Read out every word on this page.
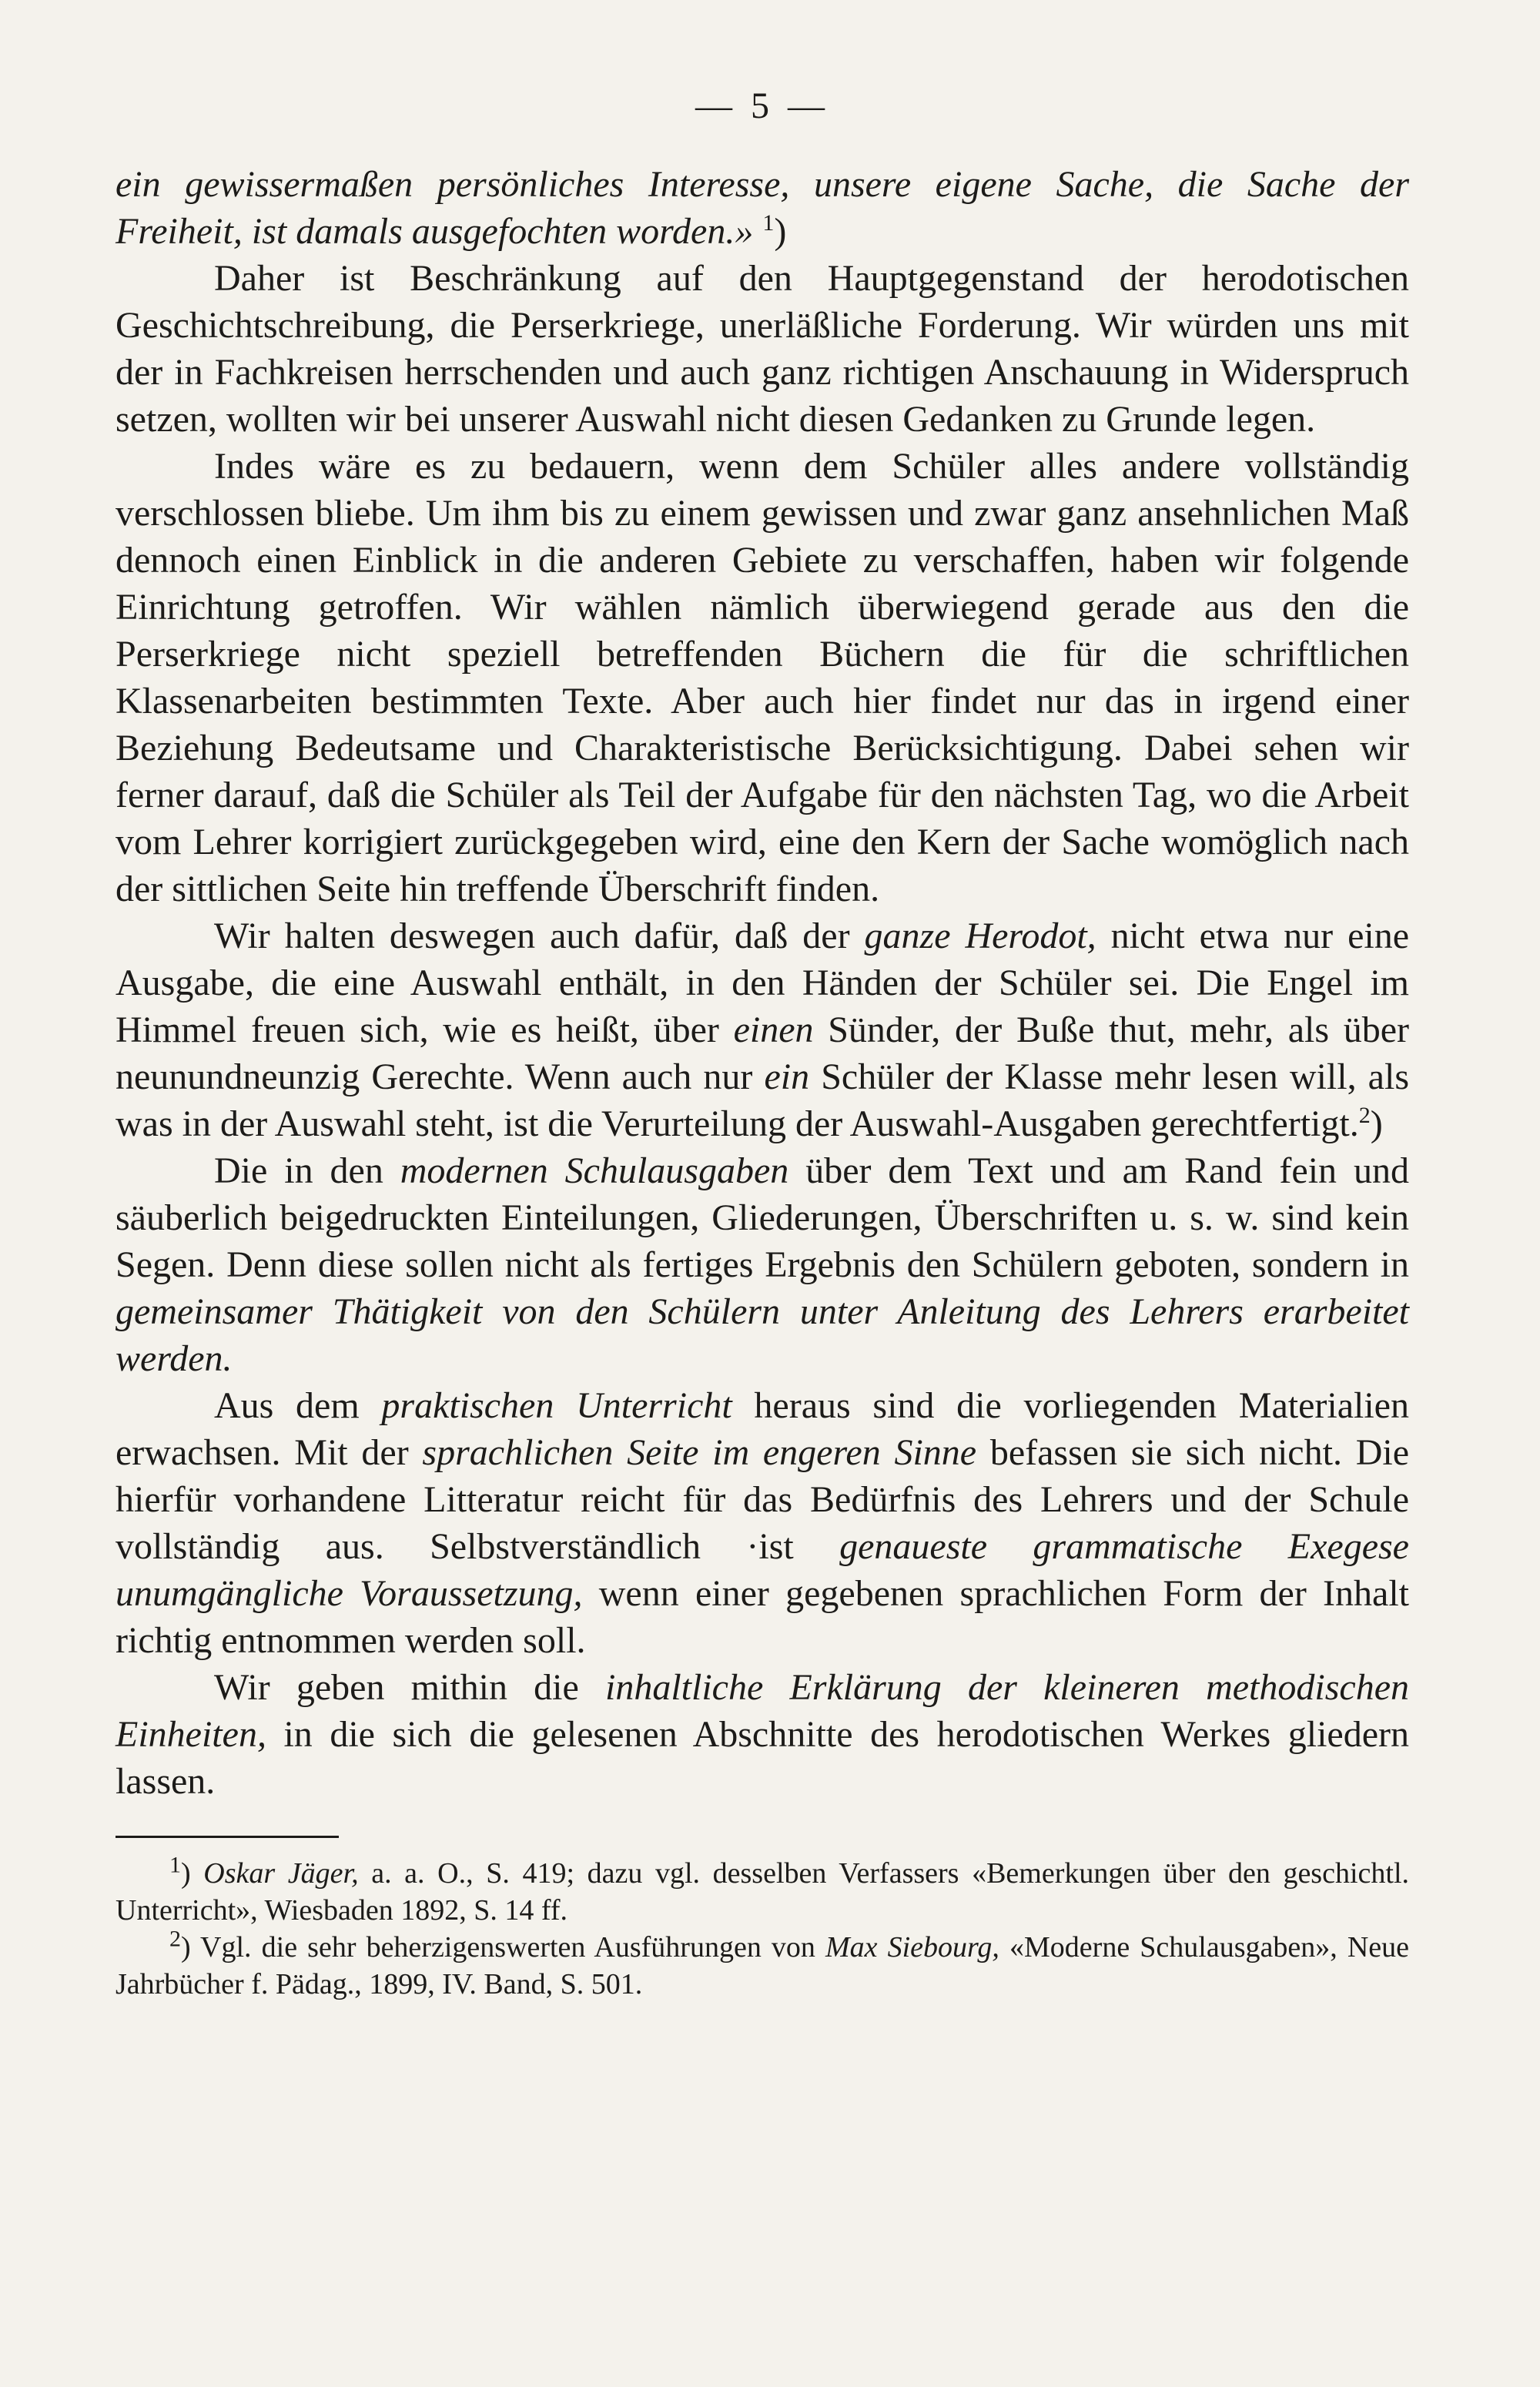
— 5 —

ein gewissermaßen persönliches Interesse, unsere eigene Sache, die Sache der Freiheit, ist damals ausgefochten worden.» $^1$)

Daher ist Beschränkung auf den Hauptgegenstand der herodotischen Geschichtschreibung, die Perserkriege, unerläßliche Forderung. Wir würden uns mit der in Fachkreisen herrschenden und auch ganz richtigen Anschauung in Widerspruch setzen, wollten wir bei unserer Auswahl nicht diesen Gedanken zu Grunde legen.

Indes wäre es zu bedauern, wenn dem Schüler alles andere vollständig verschlossen bliebe. Um ihm bis zu einem gewissen und zwar ganz ansehnlichen Maß dennoch einen Einblick in die anderen Gebiete zu verschaffen, haben wir folgende Einrichtung getroffen. Wir wählen nämlich überwiegend gerade aus den die Perserkriege nicht speziell betreffenden Büchern die für die schriftlichen Klassenarbeiten bestimmten Texte. Aber auch hier findet nur das in irgend einer Beziehung Bedeutsame und Charakteristische Berücksichtigung. Dabei sehen wir ferner darauf, daß die Schüler als Teil der Aufgabe für den nächsten Tag, wo die Arbeit vom Lehrer korrigiert zurückgegeben wird, eine den Kern der Sache womöglich nach der sittlichen Seite hin treffende Überschrift finden.

Wir halten deswegen auch dafür, daß der ganze Herodot, nicht etwa nur eine Ausgabe, die eine Auswahl enthält, in den Händen der Schüler sei. Die Engel im Himmel freuen sich, wie es heißt, über einen Sünder, der Buße thut, mehr, als über neunundneunzig Gerechte. Wenn auch nur ein Schüler der Klasse mehr lesen will, als was in der Auswahl steht, ist die Verurteilung der Auswahl-Ausgaben gerechtfertigt.$^2$)

Die in den modernen Schulausgaben über dem Text und am Rand fein und säuberlich beigedruckten Einteilungen, Gliederungen, Überschriften u. s. w. sind kein Segen. Denn diese sollen nicht als fertiges Ergebnis den Schülern geboten, sondern in gemeinsamer Thätigkeit von den Schülern unter Anleitung des Lehrers erarbeitet werden.

Aus dem praktischen Unterricht heraus sind die vorliegenden Materialien erwachsen. Mit der sprachlichen Seite im engeren Sinne befassen sie sich nicht. Die hierfür vorhandene Litteratur reicht für das Bedürfnis des Lehrers und der Schule vollständig aus. Selbstverständlich ·ist genaueste grammatische Exegese unumgängliche Voraussetzung, wenn einer gegebenen sprachlichen Form der Inhalt richtig entnommen werden soll.

Wir geben mithin die inhaltliche Erklärung der kleineren methodischen Einheiten, in die sich die gelesenen Abschnitte des herodotischen Werkes gliedern lassen.

$^1$) Oskar Jäger, a. a. O., S. 419; dazu vgl. desselben Verfassers «Bemerkungen über den geschichtl. Unterricht», Wiesbaden 1892, S. 14 ff.

$^2$) Vgl. die sehr beherzigenswerten Ausführungen von Max Siebourg, «Moderne Schulausgaben», Neue Jahrbücher f. Pädag., 1899, IV. Band, S. 501.
